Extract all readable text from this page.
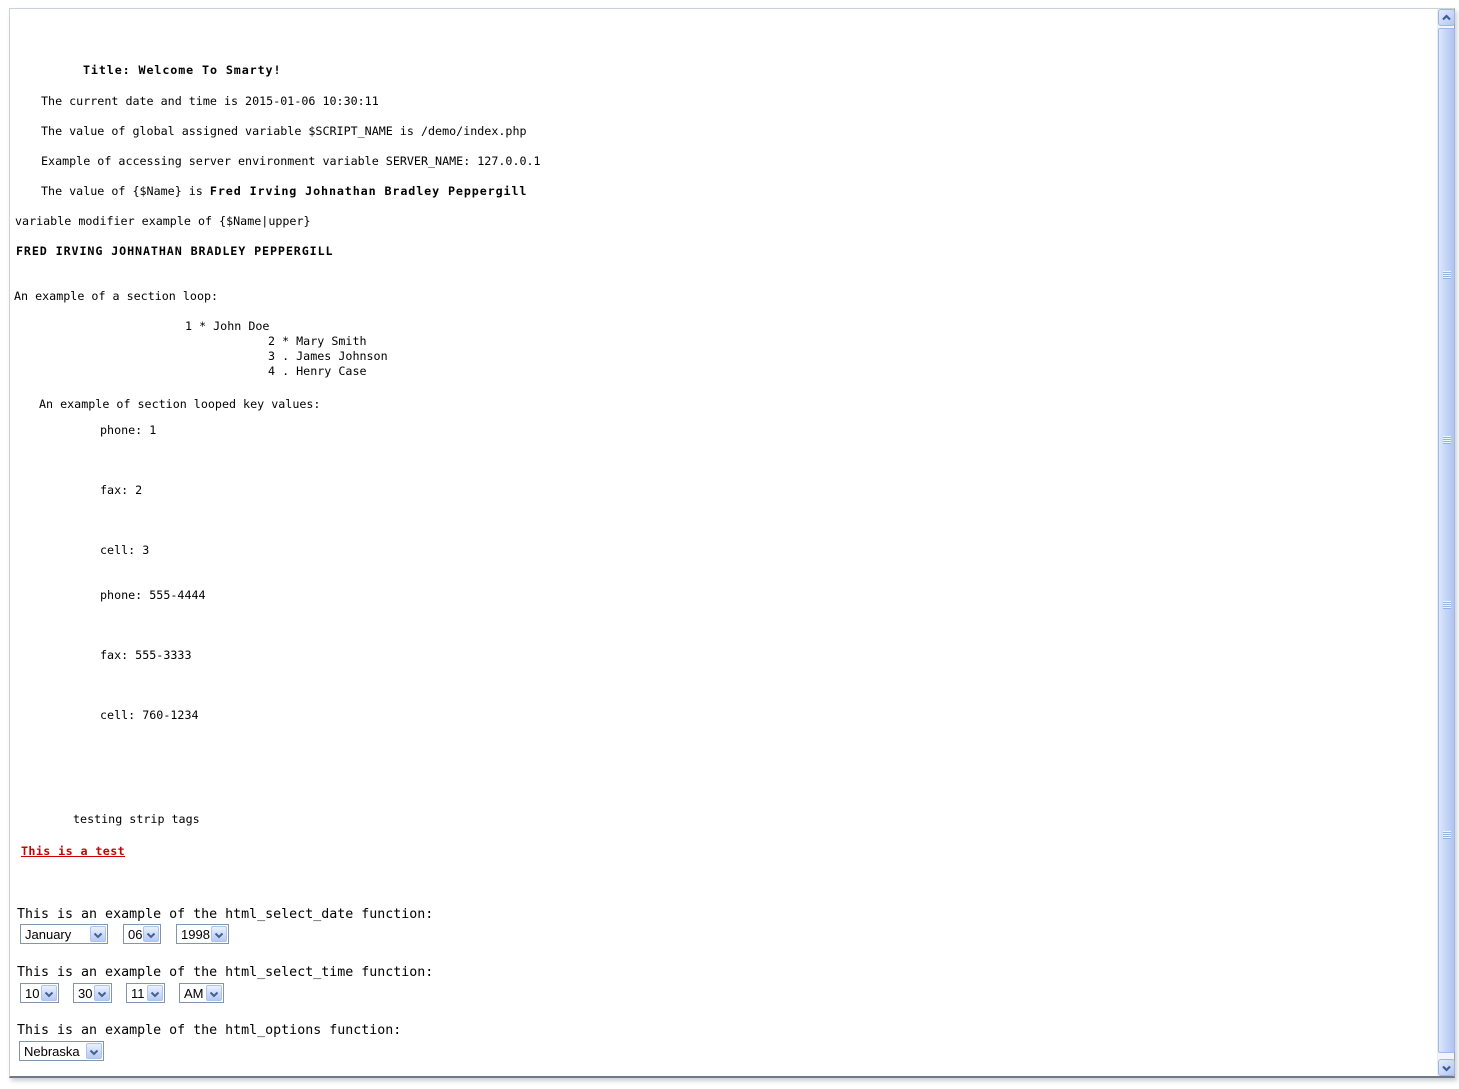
Title: Welcome To Smarty!
The current date and time is 2015-01-06 10:30:11
The value of global assigned variable $SCRIPT_NAME is /demo/index.php
Example of accessing server environment variable SERVER_NAME: 127.0.0.1
The value of {$Name} is Fred Irving Johnathan Bradley Peppergill
variable modifier example of {$Name|upper}
FRED IRVING JOHNATHAN BRADLEY PEPPERGILL
An example of a section loop:
1 * John Doe
2 * Mary Smith
3 . James Johnson
4 . Henry Case
An example of section looped key values:
phone: 1
fax: 2
cell: 3
phone: 555-4444
fax: 555-3333
cell: 760-1234
testing strip tags
This is a test
This is an example of the html_select_date function:
January	06	1998
This is an example of the html_select_time function:
10	30	11	AM
This is an example of the html_options function:
Nebraska
